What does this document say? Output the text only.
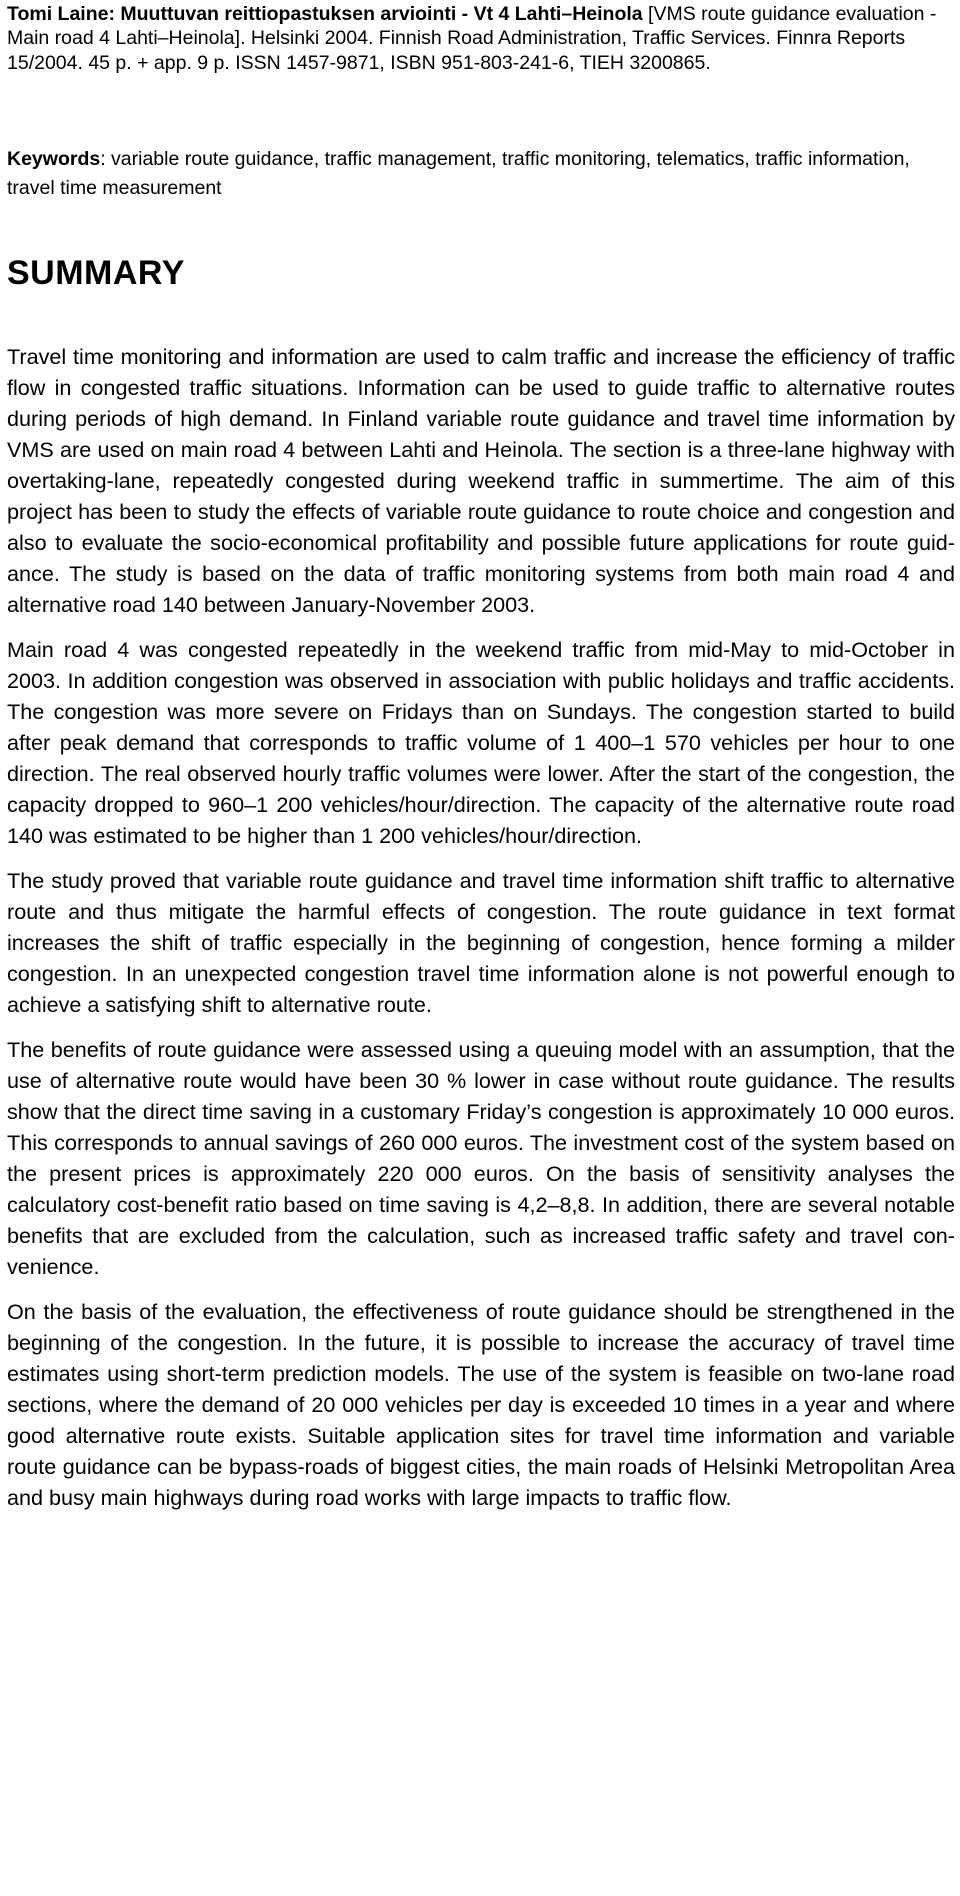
Tomi Laine: Muuttuvan reittiopastuksen arviointi - Vt 4 Lahti–Heinola [VMS route guidance evaluation - Main road 4 Lahti–Heinola]. Helsinki 2004. Finnish Road Administration, Traffic Services. Finnra Reports 15/2004. 45 p. + app. 9 p. ISSN 1457-9871, ISBN 951-803-241-6, TIEH 3200865.

Keywords: variable route guidance, traffic management, traffic monitoring, telematics, traffic information, travel time measurement

SUMMARY

Travel time monitoring and information are used to calm traffic and increase the efficiency of traffic flow in congested traffic situations. Information can be used to guide traffic to alternative routes during periods of high demand. In Finland variable route guidance and travel time information by VMS are used on main road 4 between Lahti and Heinola. The section is a three-lane highway with overtaking-lane, repeatedly congested during weekend traffic in summertime. The aim of this project has been to study the effects of variable route guidance to route choice and congestion and also to evaluate the socio-economical profitability and possible future applications for route guidance. The study is based on the data of traffic monitoring systems from both main road 4 and alternative road 140 between January-November 2003.

Main road 4 was congested repeatedly in the weekend traffic from mid-May to mid-October in 2003. In addition congestion was observed in association with public holidays and traffic accidents. The congestion was more severe on Fridays than on Sundays. The congestion started to build after peak demand that corresponds to traffic volume of 1 400–1 570 vehicles per hour to one direction. The real observed hourly traffic volumes were lower. After the start of the congestion, the capacity dropped to 960–1 200 vehicles/hour/direction. The capacity of the alternative route road 140 was estimated to be higher than 1 200 vehicles/hour/direction.

The study proved that variable route guidance and travel time information shift traffic to alternative route and thus mitigate the harmful effects of congestion. The route guidance in text format increases the shift of traffic especially in the beginning of congestion, hence forming a milder congestion. In an unexpected congestion travel time information alone is not powerful enough to achieve a satisfying shift to alternative route.

The benefits of route guidance were assessed using a queuing model with an assumption, that the use of alternative route would have been 30 % lower in case without route guidance. The results show that the direct time saving in a customary Friday’s congestion is approximately 10 000 euros. This corresponds to annual savings of 260 000 euros. The investment cost of the system based on the present prices is approximately 220 000 euros. On the basis of sensitivity analyses the calculatory cost-benefit ratio based on time saving is 4,2–8,8. In addition, there are several notable benefits that are excluded from the calculation, such as increased traffic safety and travel convenience.

On the basis of the evaluation, the effectiveness of route guidance should be strengthened in the beginning of the congestion. In the future, it is possible to increase the accuracy of travel time estimates using short-term prediction models. The use of the system is feasible on two-lane road sections, where the demand of 20 000 vehicles per day is exceeded 10 times in a year and where good alternative route exists. Suitable application sites for travel time information and variable route guidance can be bypass-roads of biggest cities, the main roads of Helsinki Metropolitan Area and busy main highways during road works with large impacts to traffic flow.
